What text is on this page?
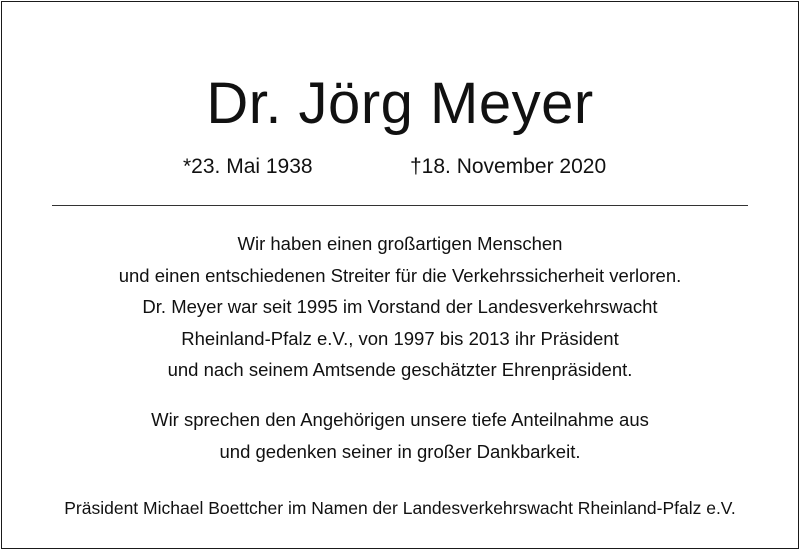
Dr. Jörg Meyer
*23. Mai 1938	†18. November 2020
Wir haben einen großartigen Menschen
und einen entschiedenen Streiter für die Verkehrssicherheit verloren.
Dr. Meyer war seit 1995 im Vorstand der Landesverkehrswacht
Rheinland-Pfalz e.V., von 1997 bis 2013 ihr Präsident
und nach seinem Amtsende geschätzter Ehrenpräsident.
Wir sprechen den Angehörigen unsere tiefe Anteilnahme aus
und gedenken seiner in großer Dankbarkeit.
Präsident Michael Boettcher im Namen der Landesverkehrswacht Rheinland-Pfalz e.V.
